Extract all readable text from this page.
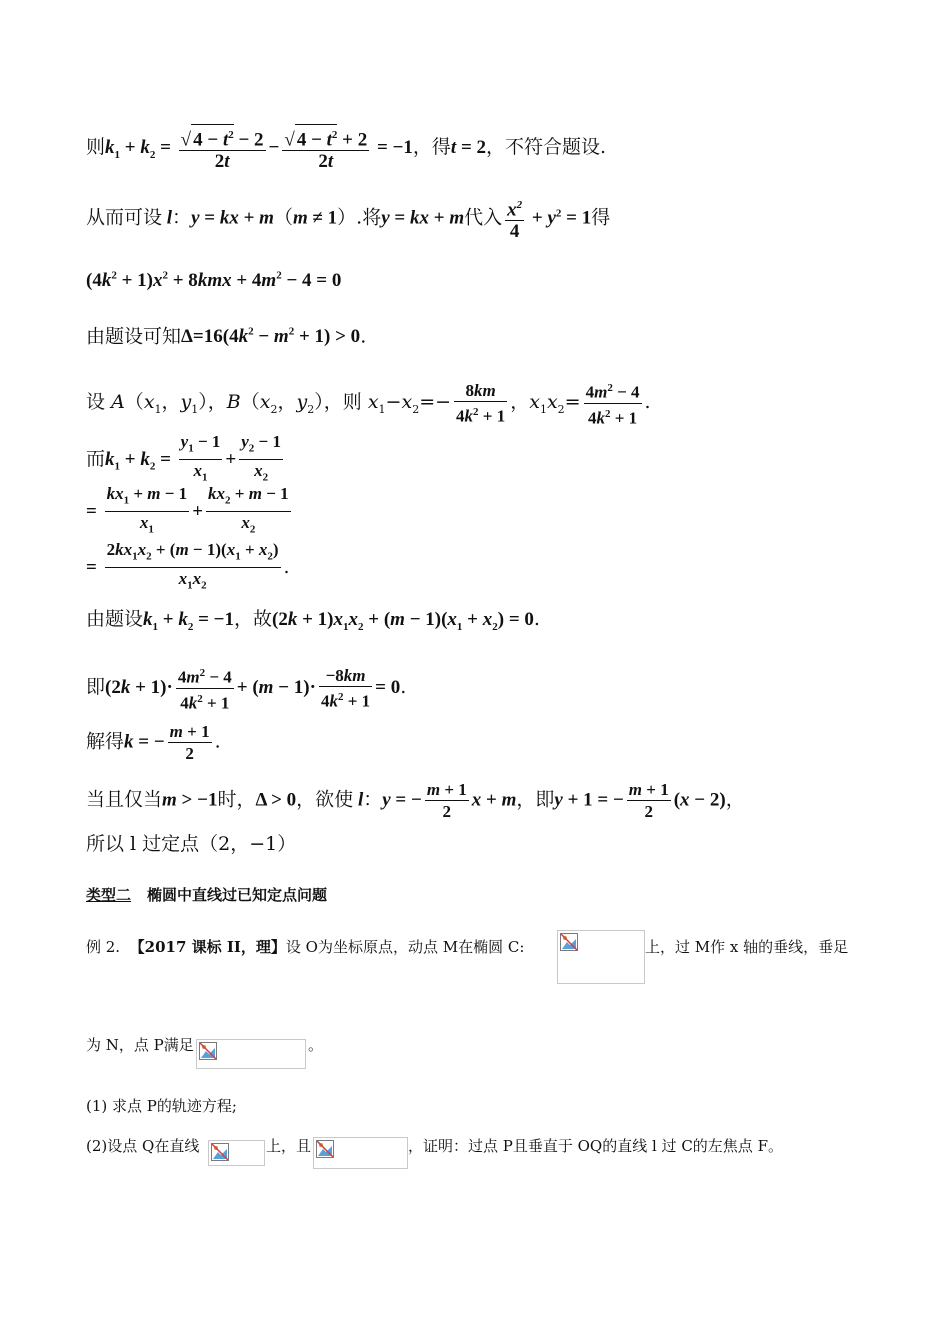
则$k_1 + k_2 = \frac{√ 4 - t^2 - 2}{2t} - \frac{√ 4 - t^2 + 2}{2t} = -1$，得t = 2，不符合题设.
从而可设 l：y = kx + m（m ≠ 1）.将y = kx + m代入 $\frac{x^2}{4} + y^2 = 1$得
$(4k^2 + 1)x^2 + 8kmx + 4m^2 - 4 = 0$
由题设可知$\Delta=16(4k^2 - m^2 + 1) > 0$.
设 $A(x_1$，$y_1$），$B(x_2$，$y_2$），则 $x_1-x_2=- \frac{8km}{4k^2 + 1}$ ，$x_1x_2= \frac{4m^2 - 4}{4k^2 + 1}$ .
而$k_1 + k_2 = \frac{y_1 - 1}{x_1} + \frac{y_2 - 1}{x_2}$
= $\frac{kx_1 + m - 1}{x_1} + \frac{kx_2 + m - 1}{x_2}$
= $\frac{2kx_1x_2 + (m - 1)(x_1 + x_2)}{x_1x_2}$ .
由题设$k_1 + k_2 = -1$，故$(2k + 1)x_1x_2 + (m - 1)(x_1 + x_2) = 0$.
即$(2k + 1)\cdot \frac{4m^2 - 4}{4k^2 + 1} + (m - 1)\cdot \frac{-8km}{4k^2 + 1} = 0$.
解得k = − $\frac{m + 1}{2}$ .
当且仅当m > −1时，Δ > 0，欲使 l：y = − $\frac{m + 1}{2}$ x + m，即y + 1 = − $\frac{m + 1}{2} (x - 2)$，
所以 l 过定点（2，−1）
类型二 椭圆中直线过已知定点问题
例 2. 【2017 课标 II，理】设 O为坐标原点，动点 M在椭圆 C:	上，过 M作 x 轴的垂线，垂足
为 N，点 P满足	。
(1) 求点 P的轨迹方程;
(2)设点 Q在直线	上，且	，证明：过点 P且垂直于 OQ的直线 l 过 C的左焦点 F。
